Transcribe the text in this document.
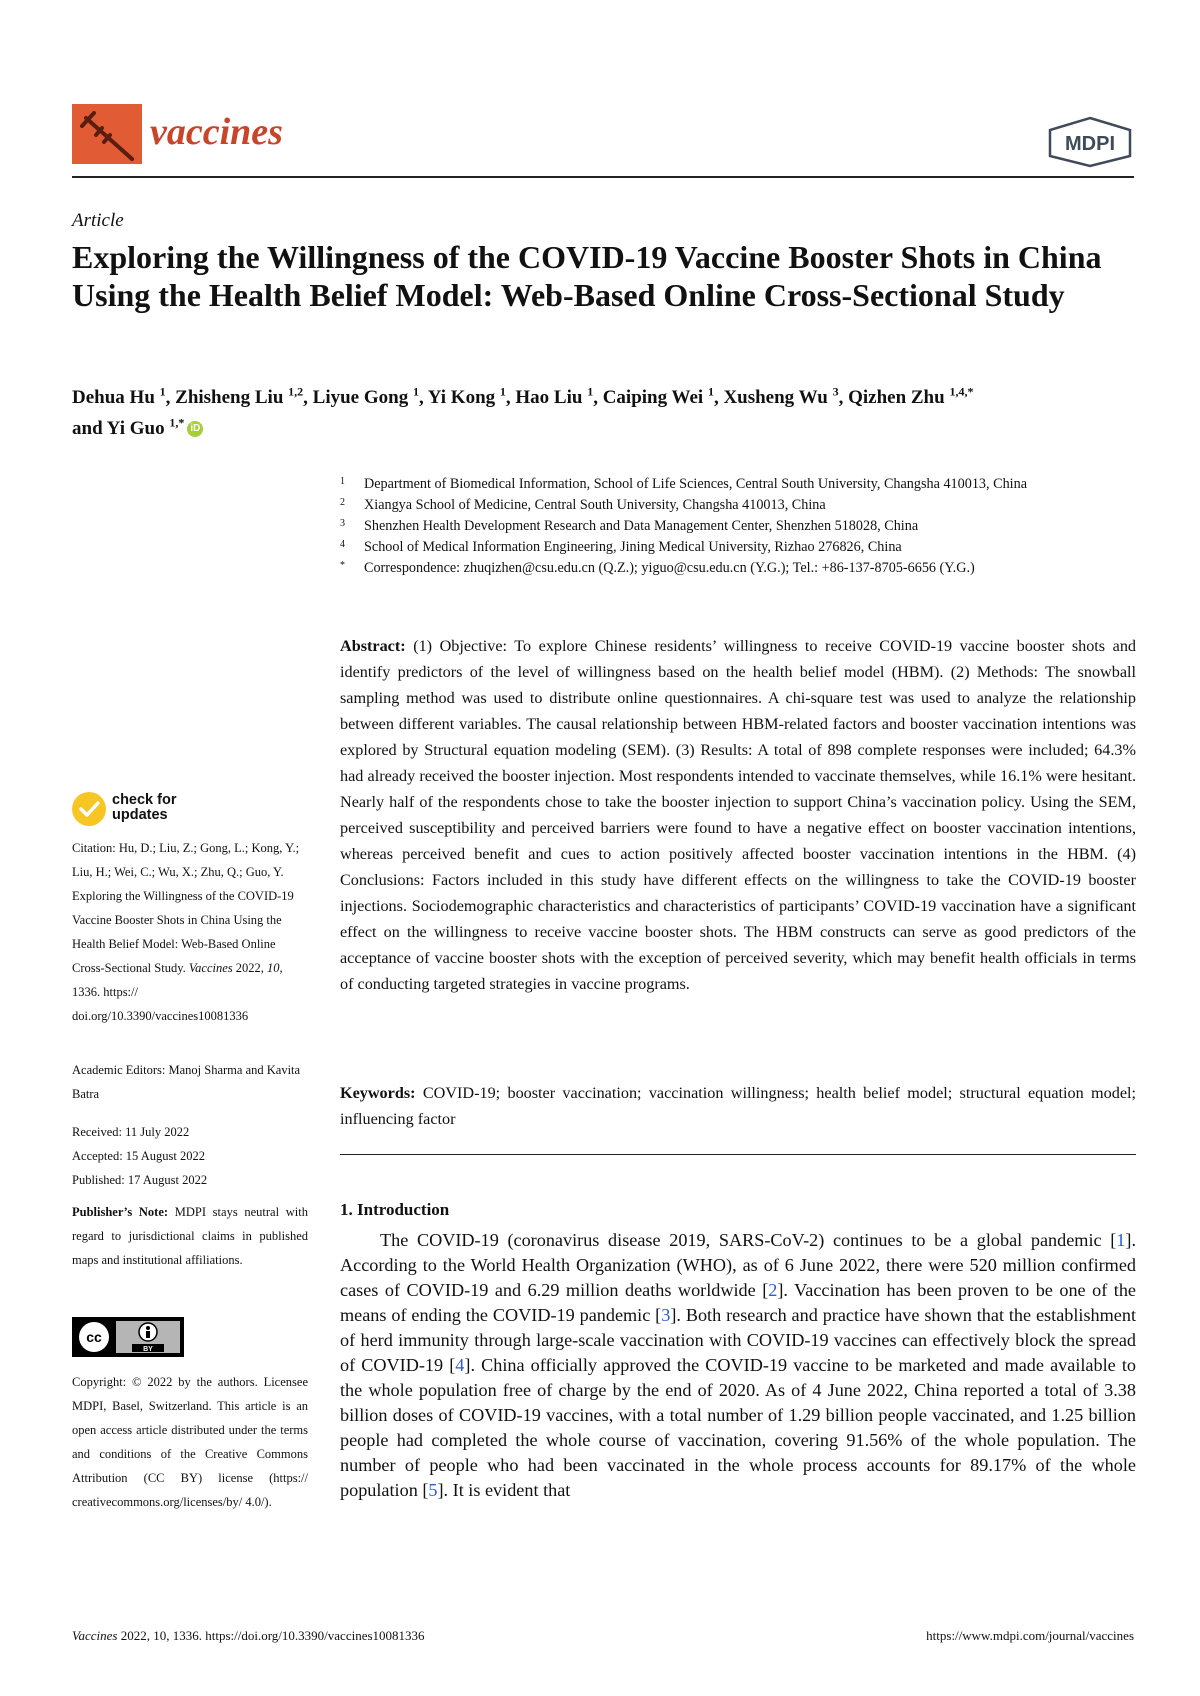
vaccines	MDPI
Article
Exploring the Willingness of the COVID-19 Vaccine Booster Shots in China Using the Health Belief Model: Web-Based Online Cross-Sectional Study
Dehua Hu $^1$, Zhisheng Liu $^{1,2}$, Liyue Gong $^1$, Yi Kong $^1$, Hao Liu $^1$, Caiping Wei $^1$, Xusheng Wu $^3$, Qizhen Zhu $^{1,4,*}$
and Yi Guo $^{1,*}$ iD
1 Department of Biomedical Information, School of Life Sciences, Central South University, Changsha 410013, China
2 Xiangya School of Medicine, Central South University, Changsha 410013, China
3 Shenzhen Health Development Research and Data Management Center, Shenzhen 518028, China
4 School of Medical Information Engineering, Jining Medical University, Rizhao 276826, China
* Correspondence: zhuqizhen@csu.edu.cn (Q.Z.); yiguo@csu.edu.cn (Y.G.); Tel.: +86-137-8705-6656 (Y.G.)
Abstract: (1) Objective: To explore Chinese residents’ willingness to receive COVID-19 vaccine booster shots and identify predictors of the level of willingness based on the health belief model (HBM). (2) Methods: The snowball sampling method was used to distribute online questionnaires. A chi-square test was used to analyze the relationship between different variables. The causal relationship between HBM-related factors and booster vaccination intentions was explored by Structural equation modeling (SEM). (3) Results: A total of 898 complete responses were included; 64.3% had already received the booster injection. Most respondents intended to vaccinate themselves, while 16.1% were hesitant. Nearly half of the respondents chose to take the booster injection to support China’s vaccination policy. Using the SEM, perceived susceptibility and perceived barriers were found to have a negative effect on booster vaccination intentions, whereas perceived benefit and cues to action positively affected booster vaccination intentions in the HBM. (4) Conclusions: Factors included in this study have different effects on the willingness to take the COVID-19 booster injections. Sociodemographic characteristics and characteristics of participants’ COVID-19 vaccination have a significant effect on the willingness to receive vaccine booster shots. The HBM constructs can serve as good predictors of the acceptance of vaccine booster shots with the exception of perceived severity, which may benefit health officials in terms of conducting targeted strategies in vaccine programs.
Keywords: COVID-19; booster vaccination; vaccination willingness; health belief model; structural equation model; influencing factor
1. Introduction
The COVID-19 (coronavirus disease 2019, SARS-CoV-2) continues to be a global pandemic [1]. According to the World Health Organization (WHO), as of 6 June 2022, there were 520 million confirmed cases of COVID-19 and 6.29 million deaths worldwide [2]. Vaccination has been proven to be one of the means of ending the COVID-19 pandemic [3]. Both research and practice have shown that the establishment of herd immunity through large-scale vaccination with COVID-19 vaccines can effectively block the spread of COVID-19 [4]. China officially approved the COVID-19 vaccine to be marketed and made available to the whole population free of charge by the end of 2020. As of 4 June 2022, China reported a total of 3.38 billion doses of COVID-19 vaccines, with a total number of 1.29 billion people vaccinated, and 1.25 billion people had completed the whole course of vaccination, covering 91.56% of the whole population. The number of people who had been vaccinated in the whole process accounts for 89.17% of the whole population [5]. It is evident that
check for
updates
Citation: Hu, D.; Liu, Z.; Gong, L.; Kong, Y.; Liu, H.; Wei, C.; Wu, X.; Zhu, Q.; Guo, Y. Exploring the Willingness of the COVID-19 Vaccine Booster Shots in China Using the Health Belief Model: Web-Based Online Cross-Sectional Study. Vaccines 2022, 10, 1336. https:// doi.org/10.3390/vaccines10081336
Academic Editors: Manoj Sharma and Kavita Batra
Received: 11 July 2022
Accepted: 15 August 2022
Published: 17 August 2022
Publisher’s Note: MDPI stays neutral with regard to jurisdictional claims in published maps and institutional affiliations.
cc
BY
Copyright: © 2022 by the authors. Licensee MDPI, Basel, Switzerland. This article is an open access article distributed under the terms and conditions of the Creative Commons Attribution (CC BY) license (https:// creativecommons.org/licenses/by/ 4.0/).
Vaccines 2022, 10, 1336. https://doi.org/10.3390/vaccines10081336	https://www.mdpi.com/journal/vaccines
